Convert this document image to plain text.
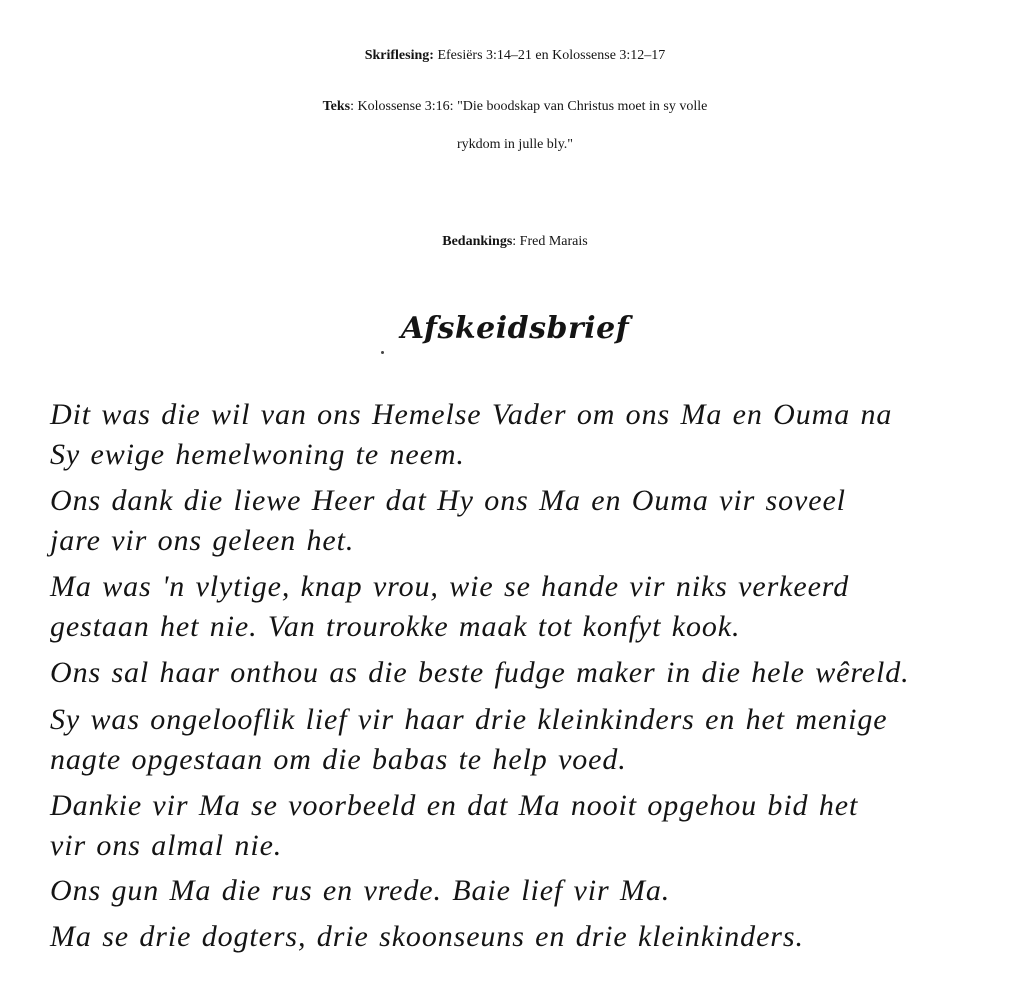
Skriflesing: Efesiërs 3:14–21 en Kolossense 3:12–17
Teks: Kolossense 3:16: "Die boodskap van Christus moet in sy volle
rykdom in julle bly."
Bedankings: Fred Marais
Afskeidsbrief
Dit was die wil van ons Hemelse Vader om ons Ma en Ouma na
Sy ewige hemelwoning te neem.
Ons dank die liewe Heer dat Hy ons Ma en Ouma vir soveel
jare vir ons geleen het.
Ma was 'n vlytige, knap vrou, wie se hande vir niks verkeerd
gestaan het nie. Van trourokke maak tot konfyt kook.
Ons sal haar onthou as die beste fudge maker in die hele wêreld.
Sy was ongelooflik lief vir haar drie kleinkinders en het menige
nagte opgestaan om die babas te help voed.
Dankie vir Ma se voorbeeld en dat Ma nooit opgehou bid het
vir ons almal nie.
Ons gun Ma die rus en vrede. Baie lief vir Ma.
Ma se drie dogters, drie skoonseuns en drie kleinkinders.
